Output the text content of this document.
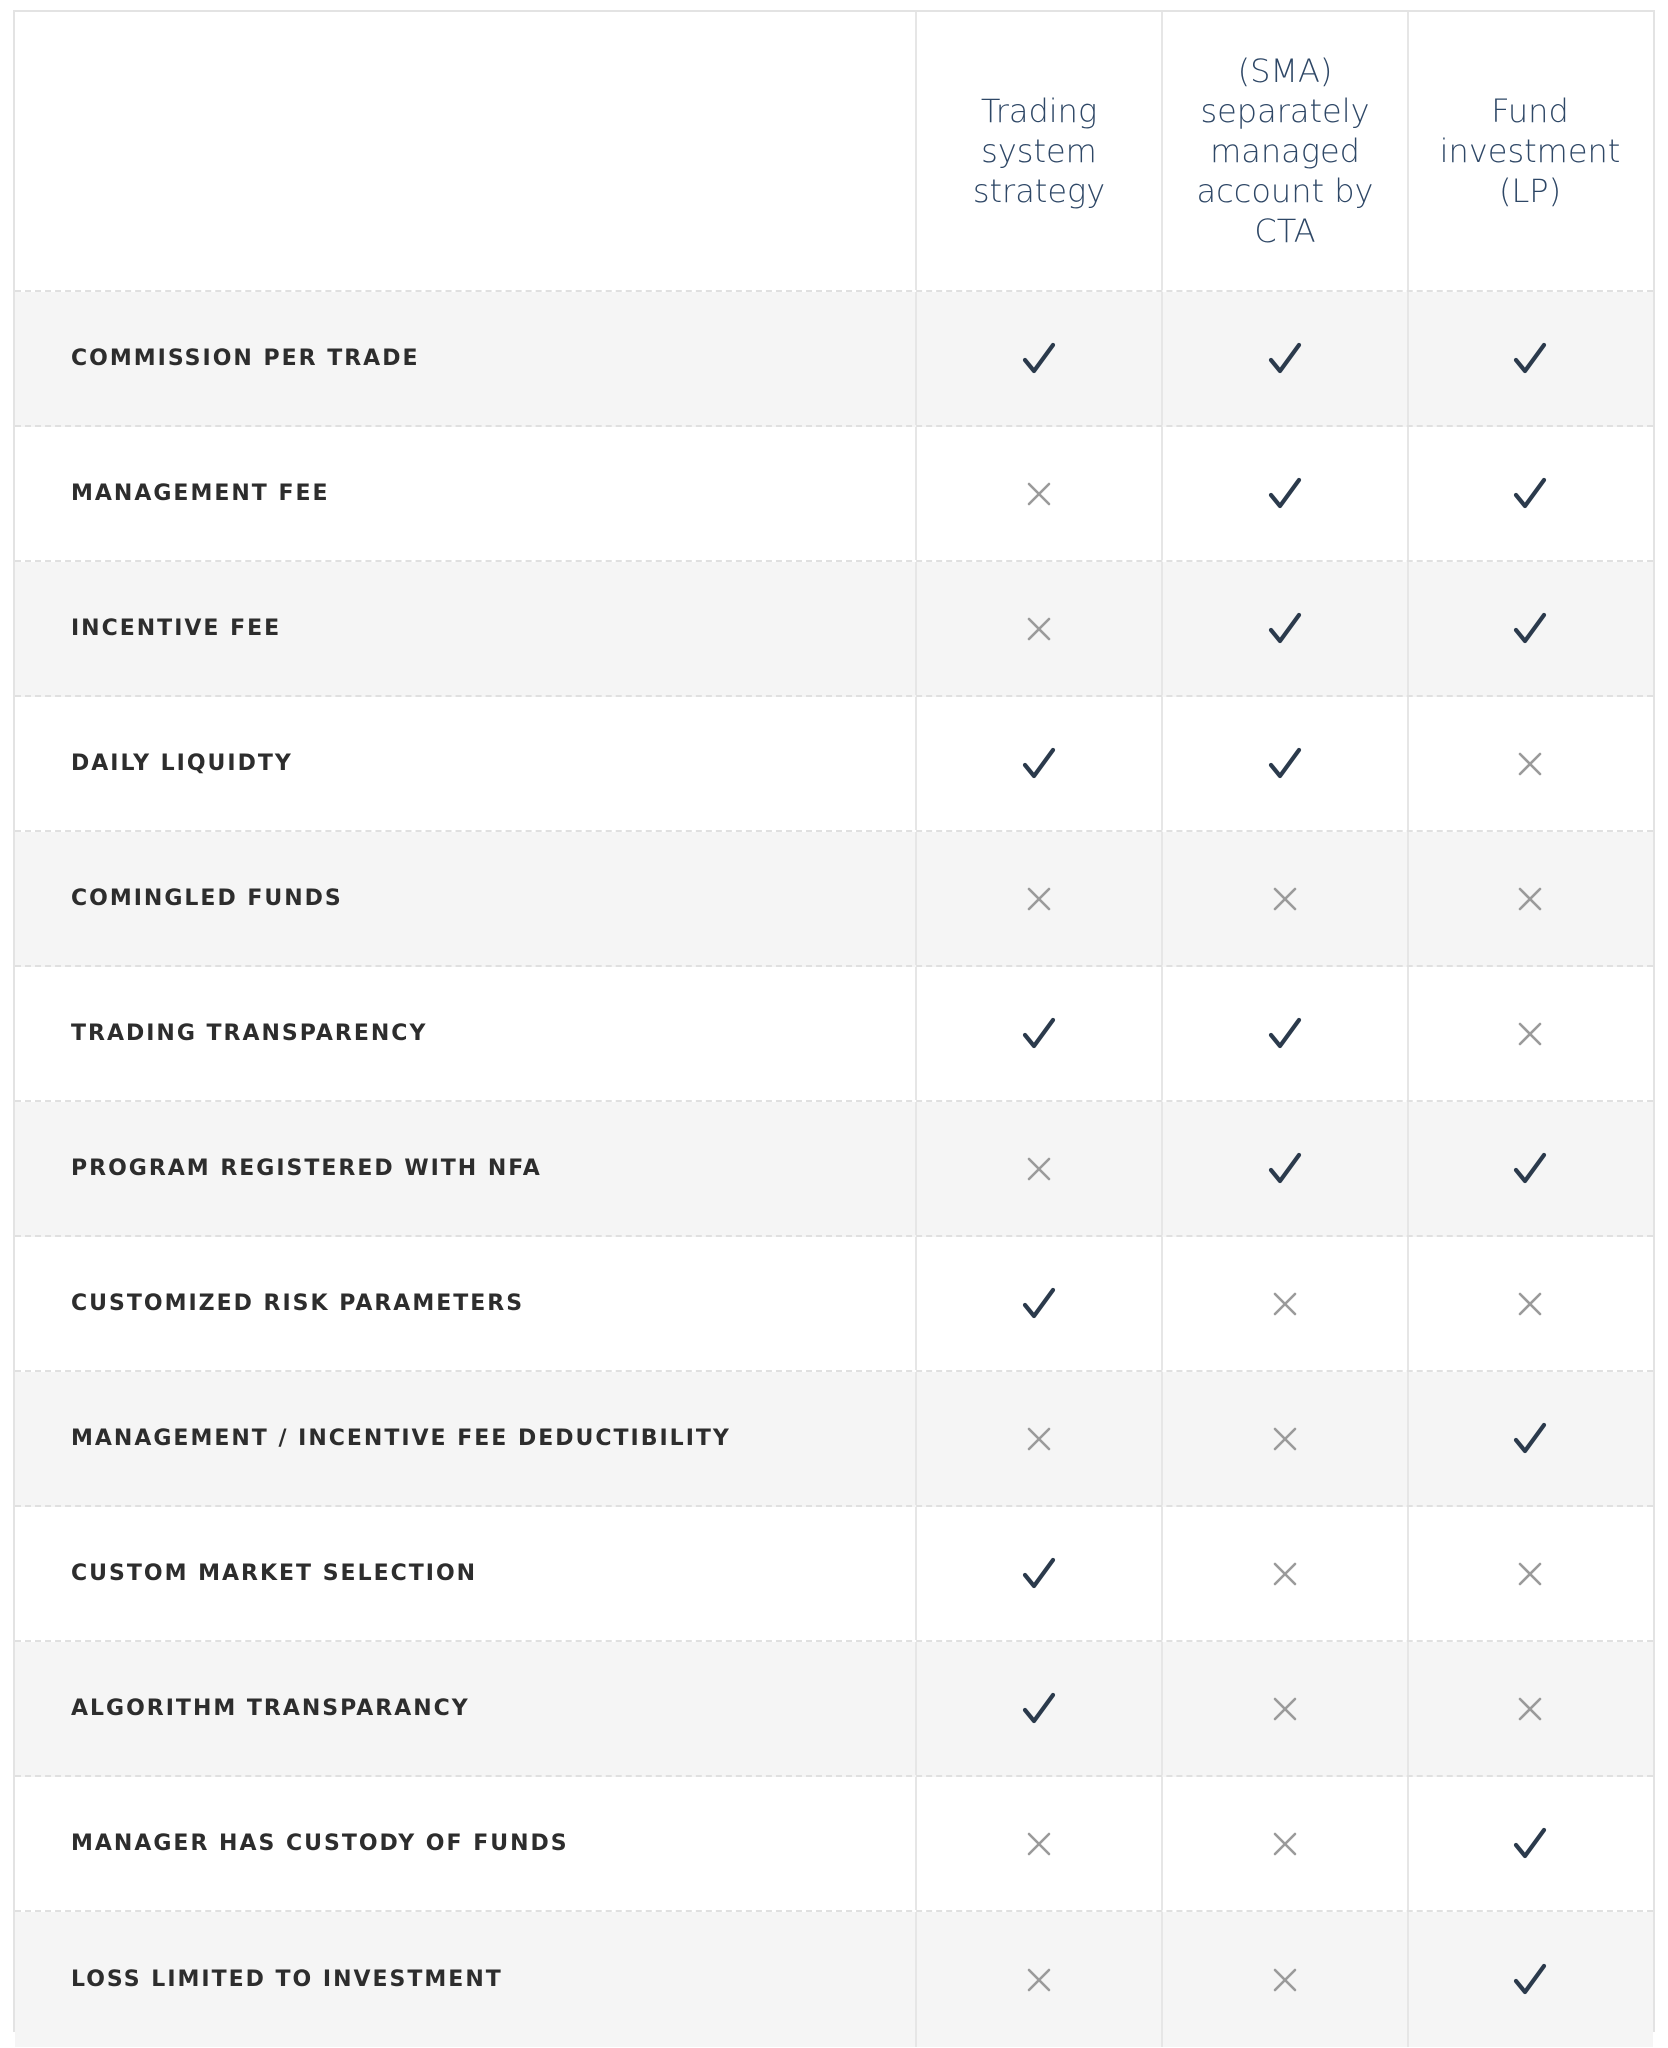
Trading system
strategy
(SMA)
separately
managed
account by CTA
Fund
investment (LP)
COMMISSION PER TRADE
MANAGEMENT FEE
INCENTIVE FEE
DAILY LIQUIDTY
COMINGLED FUNDS
TRADING TRANSPARENCY
PROGRAM REGISTERED WITH NFA
CUSTOMIZED RISK PARAMETERS
MANAGEMENT / INCENTIVE FEE DEDUCTIBILITY
CUSTOM MARKET SELECTION
ALGORITHM TRANSPARANCY
MANAGER HAS CUSTODY OF FUNDS
LOSS LIMITED TO INVESTMENT
